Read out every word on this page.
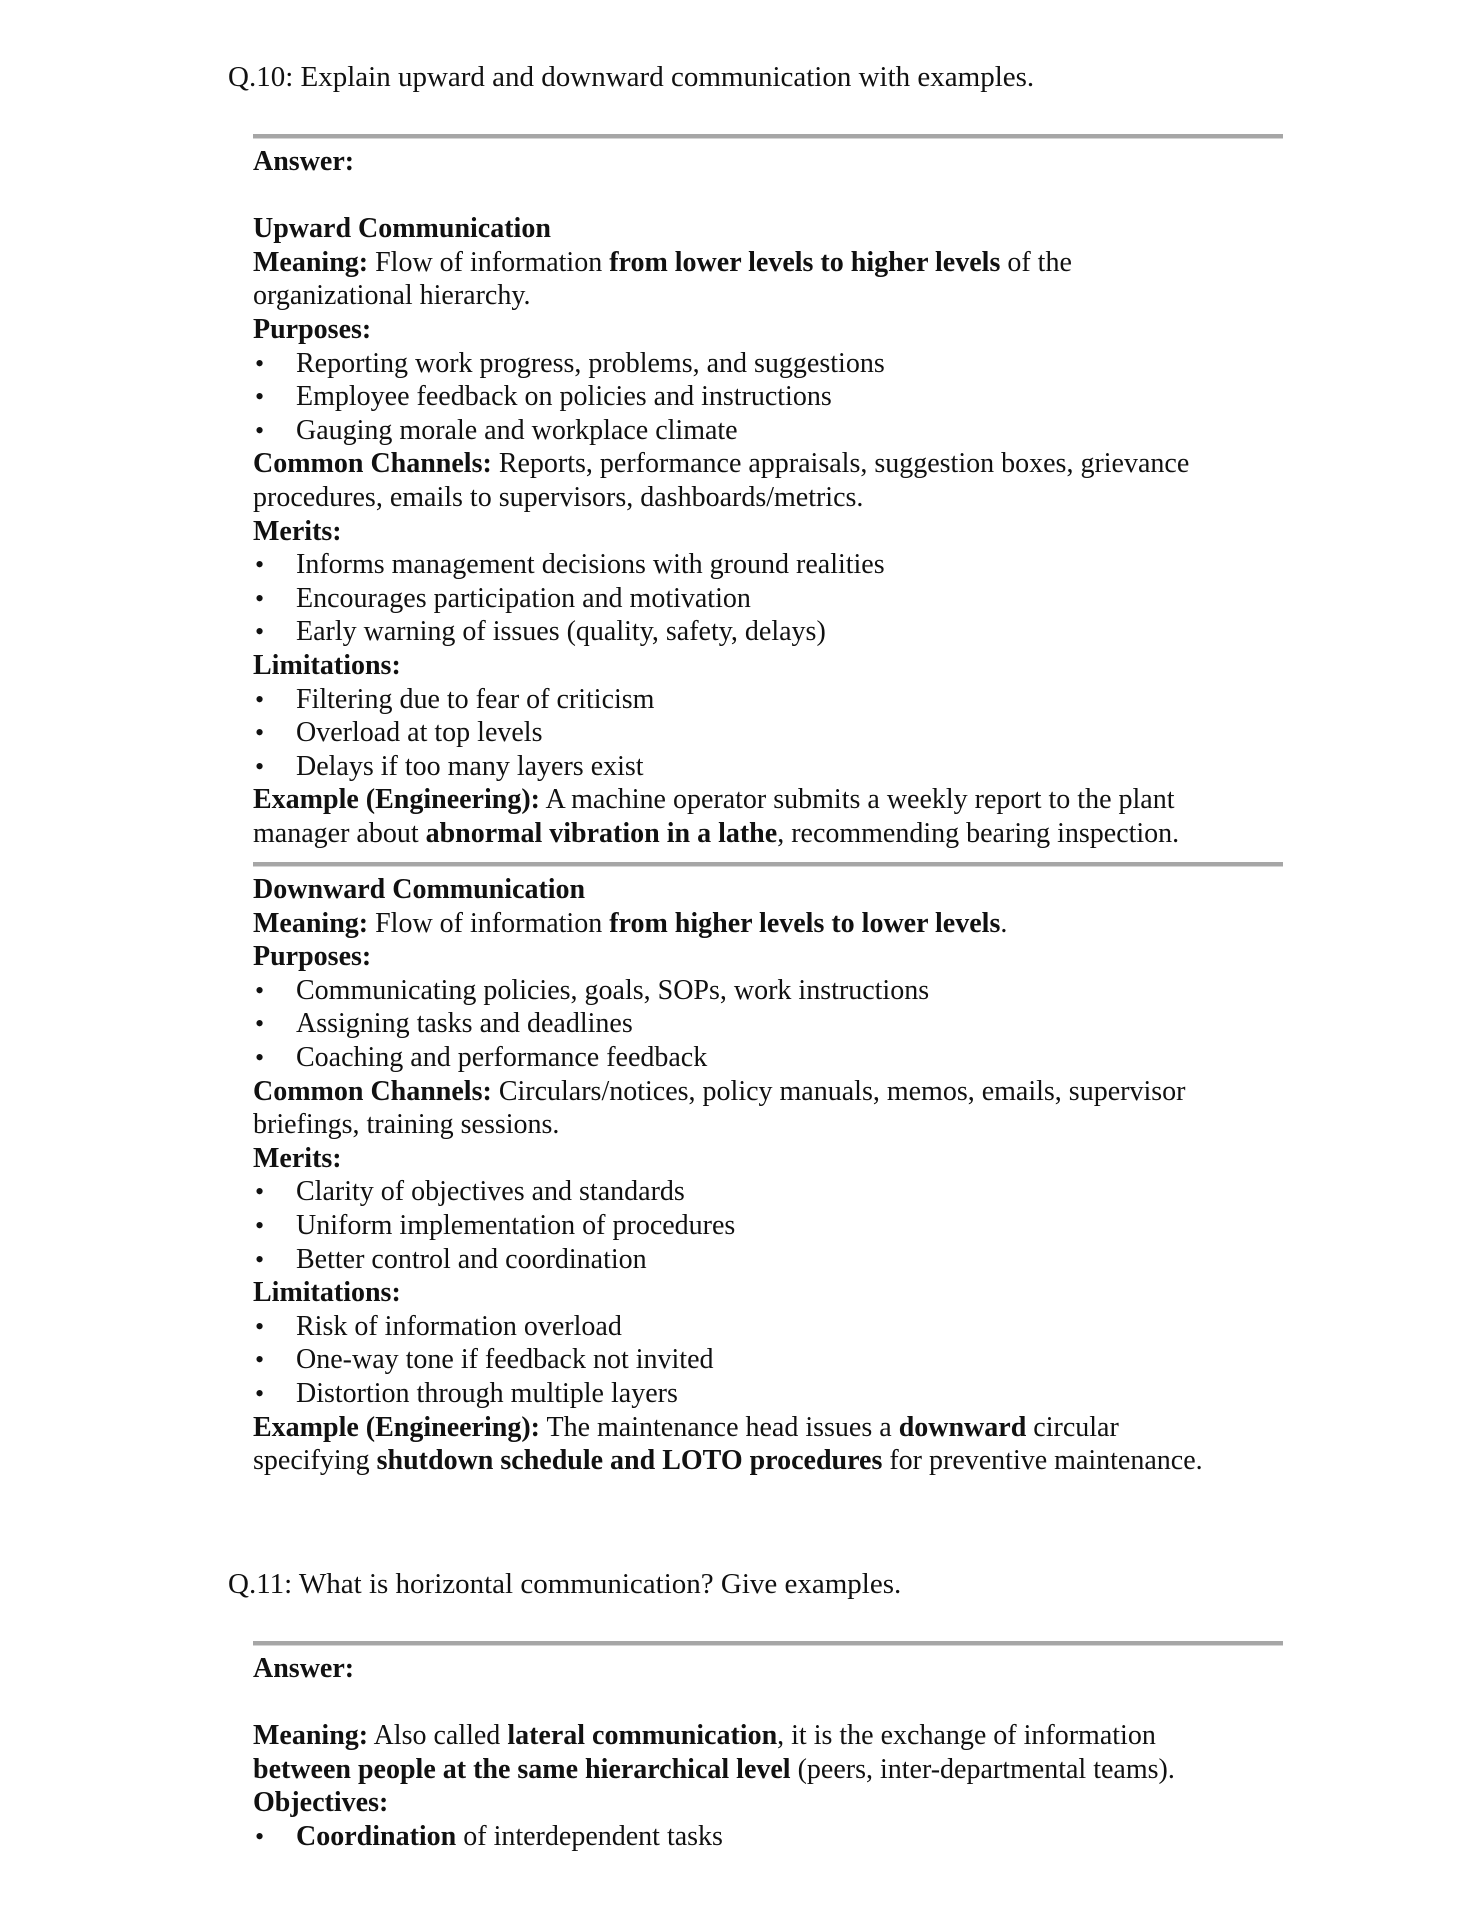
Q.10: Explain upward and downward communication with examples.
Answer:
Upward Communication
Meaning: Flow of information from lower levels to higher levels of the
organizational hierarchy.
Purposes:
• Reporting work progress, problems, and suggestions
• Employee feedback on policies and instructions
• Gauging morale and workplace climate
Common Channels: Reports, performance appraisals, suggestion boxes, grievance
procedures, emails to supervisors, dashboards/metrics.
Merits:
• Informs management decisions with ground realities
• Encourages participation and motivation
• Early warning of issues (quality, safety, delays)
Limitations:
• Filtering due to fear of criticism
• Overload at top levels
• Delays if too many layers exist
Example (Engineering): A machine operator submits a weekly report to the plant
manager about abnormal vibration in a lathe, recommending bearing inspection.
Downward Communication
Meaning: Flow of information from higher levels to lower levels.
Purposes:
• Communicating policies, goals, SOPs, work instructions
• Assigning tasks and deadlines
• Coaching and performance feedback
Common Channels: Circulars/notices, policy manuals, memos, emails, supervisor
briefings, training sessions.
Merits:
• Clarity of objectives and standards
• Uniform implementation of procedures
• Better control and coordination
Limitations:
• Risk of information overload
• One-way tone if feedback not invited
• Distortion through multiple layers
Example (Engineering): The maintenance head issues a downward circular
specifying shutdown schedule and LOTO procedures for preventive maintenance.
Q.11: What is horizontal communication? Give examples.
Answer:
Meaning: Also called lateral communication, it is the exchange of information
between people at the same hierarchical level (peers, inter-departmental teams).
Objectives:
• Coordination of interdependent tasks
